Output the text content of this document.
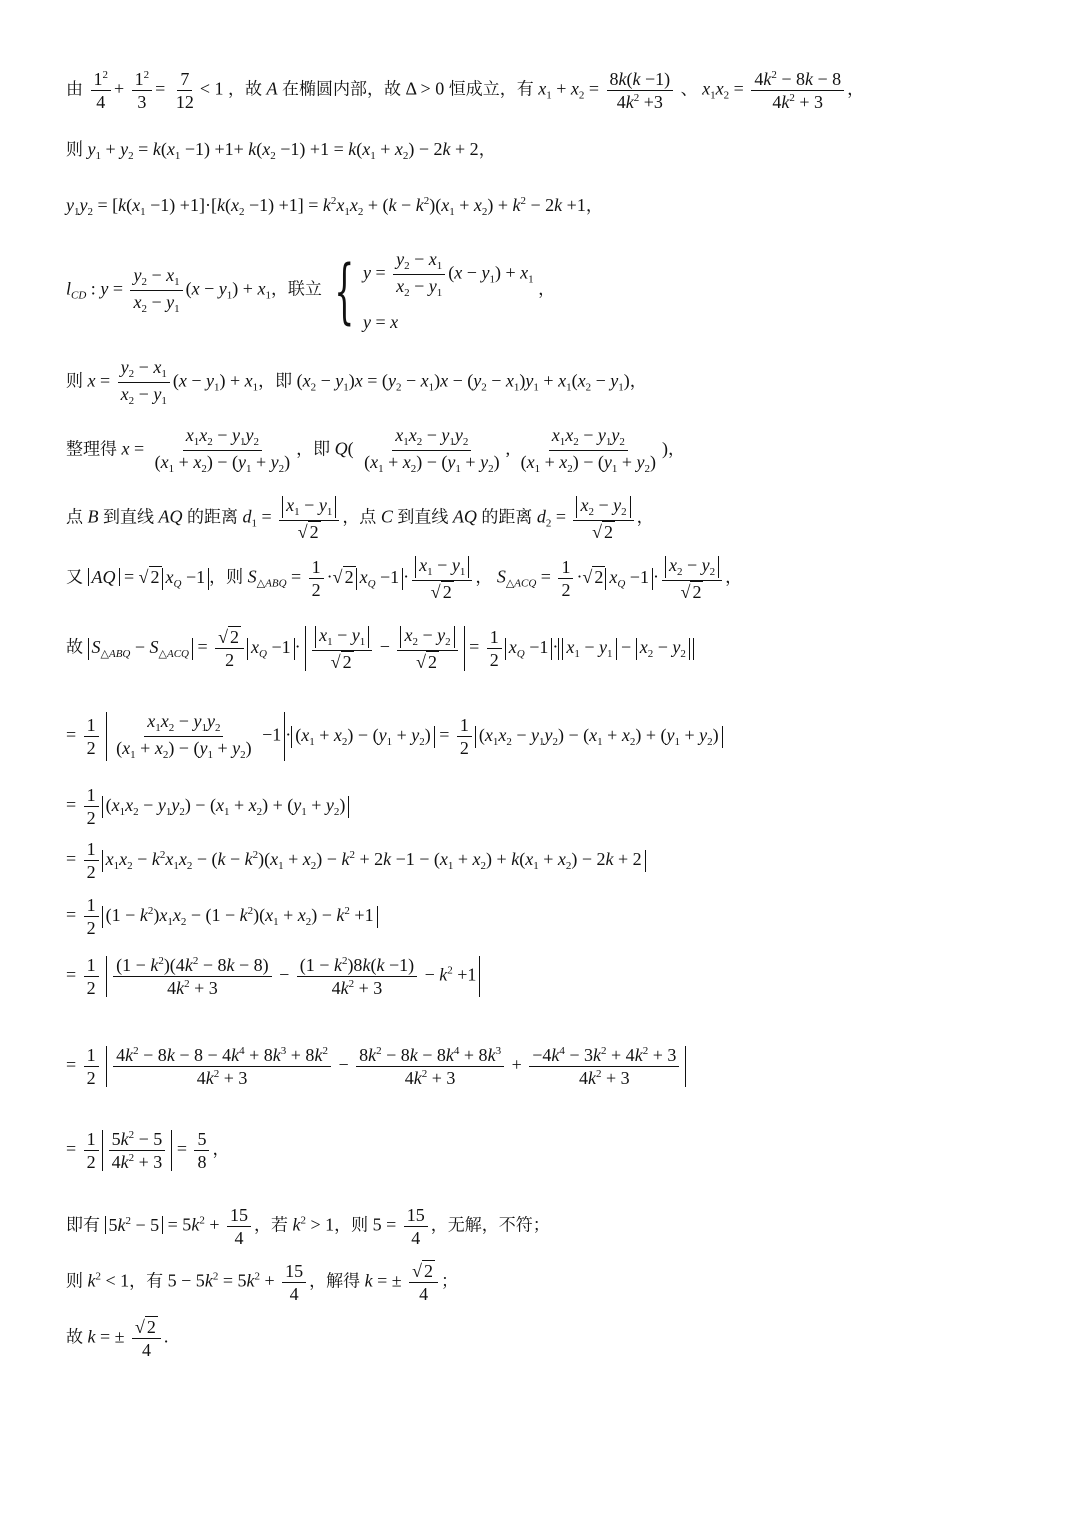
由 $\frac{1^2}{4} + \frac{1^2}{3} = \frac{7}{12} < 1$ ，故 A 在椭圆内部，故 Δ > 0 恒成立，有 $x_1 + x_2 = \frac{8k(k -1)}{4k^2 +3}$ 、 $x_1x_2 = \frac{4k^2 - 8k - 8}{4k^2 + 3}$ ，
则 $y_1 + y_2 = k(x_1 -1) +1+ k(x_2 -1) +1 = k(x_1 + x_2) - 2k + 2$，
$y_1y_2 = [k(x_1 -1) +1]\cdot[k(x_2 -1) +1] = k^2x_1x_2 + (k - k^2)(x_1 + x_2) + k^2 - 2k +1$，
$l_{CD}$ : $y = \frac{y_2 - x_1}{x_2 - y_1} (x - y_1) + x_1$，联立 { $y = \frac{y_2 - x_1}{x_2 - y_1} (x - y_1) + x_1$
y = x
，
则 $x = \frac{y_2 - x_1}{x_2 - y_1} (x - y_1) + x_1$，即 $(x_2 - y_1)x = (y_2 - x_1)x - (y_2 - x_1)y_1 + x_1(x_2 - y_1)$，
整理得 $x = \frac{x_1x_2 - y_1y_2}{(x_1 + x_2) - (y_1 + y_2)}$ ，即 $Q( \frac{x_1x_2 - y_1y_2}{(x_1 + x_2) - (y_1 + y_2)}$ , $\frac{x_1x_2 - y_1y_2}{(x_1 + x_2) - (y_1 + y_2)}$ )，
点 B 到直线 AQ 的距离 $d_1 = \frac{x_1 - y_1}{√ 2}$ ，点 C 到直线 AQ 的距离 $d_2 = \frac{x_2 - y_2}{√ 2}$ ，
又 AQ = √ 2 $x_Q -1$ ，则 $S_{\triangle ABQ} = \frac{1}{2}$ ·√ 2 $x_Q -1 \cdot \frac{x_1 - y_1}{√ 2}$ ， $S_{\triangle ACQ} = \frac{1}{2}$ ·√ 2 $x_Q -1 \cdot \frac{x_2 - y_2}{√ 2}$ ，
故 $S_{\triangle ABQ} - S_{\triangle ACQ} = \frac{√ 2}{2} x_Q -1 \cdot \frac{x_1 - y_1}{√ 2} - \frac{x_2 - y_2}{√ 2} = \frac{1}{2} x_Q -1 \cdot x_1 - y_1 - x_2 - y_2$
= $\frac{1}{2}$
$\frac{x_1x_2 - y_1y_2}{(x_1 + x_2) - (y_1 + y_2)} -1 \cdot (x_1 + x_2) - (y_1 + y_2) = \frac{1}{2} (x_1x_2 - y_1y_2) - (x_1 + x_2) + (y_1 + y_2)$
= $\frac{1}{2} (x_1x_2 - y_1y_2) - (x_1 + x_2) + (y_1 + y_2)$
= $\frac{1}{2} x_1x_2 - k^2x_1x_2 - (k - k^2)(x_1 + x_2) - k^2 + 2k -1 - (x_1 + x_2) + k(x_1 + x_2) - 2k + 2$
= $\frac{1}{2} (1 - k^2)x_1x_2 - (1 - k^2)(x_1 + x_2) - k^2 +1$
= $\frac{1}{2}$
$\frac{(1 - k^2)(4k^2 - 8k - 8)}{4k^2 + 3} - \frac{(1 - k^2)8k(k -1)}{4k^2 + 3} - k^2 +1$
= $\frac{1}{2}$
$\frac{4k^2 - 8k - 8 - 4k^4 + 8k^3 + 8k^2}{4k^2 + 3} - \frac{8k^2 - 8k - 8k^4 + 8k^3}{4k^2 + 3} + \frac{-4k^4 - 3k^2 + 4k^2 + 3}{4k^2 + 3}$
= $\frac{1}{2} \frac{5k^2 - 5}{4k^2 + 3} = \frac{5}{8}$ ，
即有 $5k^2 - 5 = 5k^2 + \frac{15}{4}$ ，若 $k^2 > 1$，则 $5 = \frac{15}{4}$ ，无解，不符；
则 $k^2 < 1$，有 $5 - 5k^2 = 5k^2 + \frac{15}{4}$ ，解得 k = ± $\frac{√ 2}{4}$ ；
故 k = ± $\frac{√ 2}{4}$ .
